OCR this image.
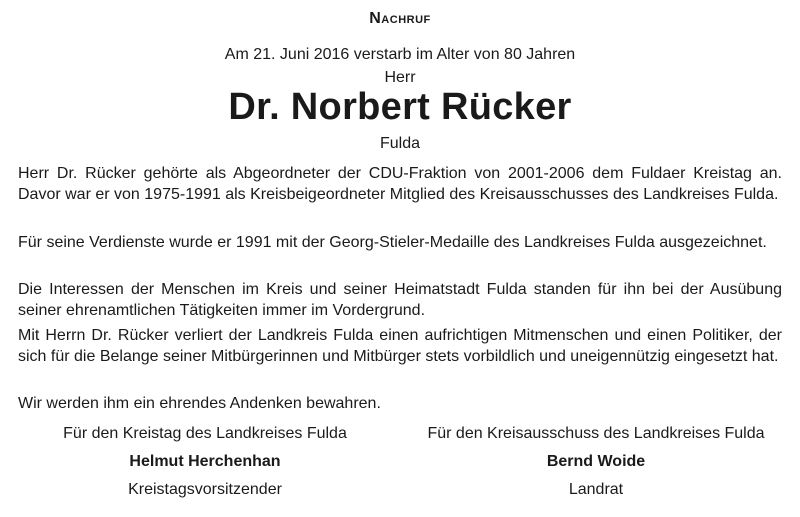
Nachruf
Am 21. Juni 2016 verstarb im Alter von 80 Jahren
Herr
Dr. Norbert Rücker
Fulda
Herr Dr. Rücker gehörte als Abgeordneter der CDU-Fraktion von 2001-2006 dem Fuldaer Kreistag an. Davor war er von 1975-1991 als Kreisbeigeordneter Mitglied des Kreisausschusses des Landkreises Fulda.
Für seine Verdienste wurde er 1991 mit der Georg-Stieler-Medaille des Landkreises Fulda ausgezeichnet.
Die Interessen der Menschen im Kreis und seiner Heimatstadt Fulda standen für ihn bei der Ausübung seiner ehrenamtlichen Tätigkeiten immer im Vordergrund.
Mit Herrn Dr. Rücker verliert der Landkreis Fulda einen aufrichtigen Mitmenschen und einen Politiker, der sich für die Belange seiner Mitbürgerinnen und Mitbürger stets vorbildlich und uneigennützig eingesetzt hat.
Wir werden ihm ein ehrendes Andenken bewahren.
Für den Kreistag des Landkreises Fulda
Helmut Herchenhan
Kreistagsvorsitzender
Für den Kreisausschuss des Landkreises Fulda
Bernd Woide
Landrat
